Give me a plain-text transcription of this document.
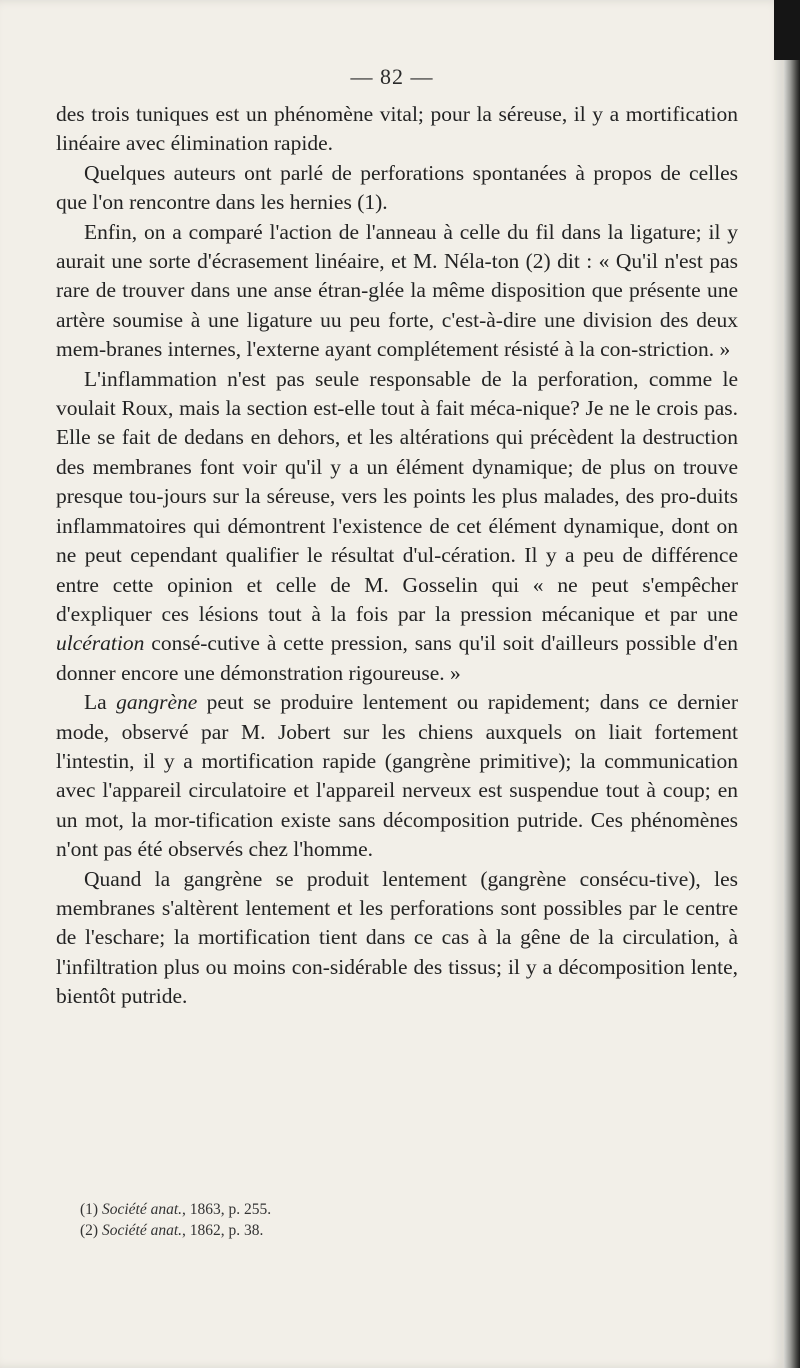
— 82 —

des trois tuniques est un phénomène vital; pour la séreuse, il y a mortification linéaire avec élimination rapide.

Quelques auteurs ont parlé de perforations spontanées à propos de celles que l'on rencontre dans les hernies (1).

Enfin, on a comparé l'action de l'anneau à celle du fil dans la ligature; il y aurait une sorte d'écrasement linéaire, et M. Néla-ton (2) dit : « Qu'il n'est pas rare de trouver dans une anse étran-glée la même disposition que présente une artère soumise à une ligature uu peu forte, c'est-à-dire une division des deux mem-branes internes, l'externe ayant complétement résisté à la con-striction. »

L'inflammation n'est pas seule responsable de la perforation, comme le voulait Roux, mais la section est-elle tout à fait méca-nique? Je ne le crois pas. Elle se fait de dedans en dehors, et les altérations qui précèdent la destruction des membranes font voir qu'il y a un élément dynamique; de plus on trouve presque tou-jours sur la séreuse, vers les points les plus malades, des pro-duits inflammatoires qui démontrent l'existence de cet élément dynamique, dont on ne peut cependant qualifier le résultat d'ul-cération. Il y a peu de différence entre cette opinion et celle de M. Gosselin qui « ne peut s'empêcher d'expliquer ces lésions tout à la fois par la pression mécanique et par une ulcération consé-cutive à cette pression, sans qu'il soit d'ailleurs possible d'en donner encore une démonstration rigoureuse. »

La gangrène peut se produire lentement ou rapidement; dans ce dernier mode, observé par M. Jobert sur les chiens auxquels on liait fortement l'intestin, il y a mortification rapide (gangrène primitive); la communication avec l'appareil circulatoire et l'appareil nerveux est suspendue tout à coup; en un mot, la mor-tification existe sans décomposition putride. Ces phénomènes n'ont pas été observés chez l'homme.

Quand la gangrène se produit lentement (gangrène consécu-tive), les membranes s'altèrent lentement et les perforations sont possibles par le centre de l'eschare; la mortification tient dans ce cas à la gêne de la circulation, à l'infiltration plus ou moins con-sidérable des tissus; il y a décomposition lente, bientôt putride.

(1) Société anat., 1863, p. 255.
(2) Société anat., 1862, p. 38.
